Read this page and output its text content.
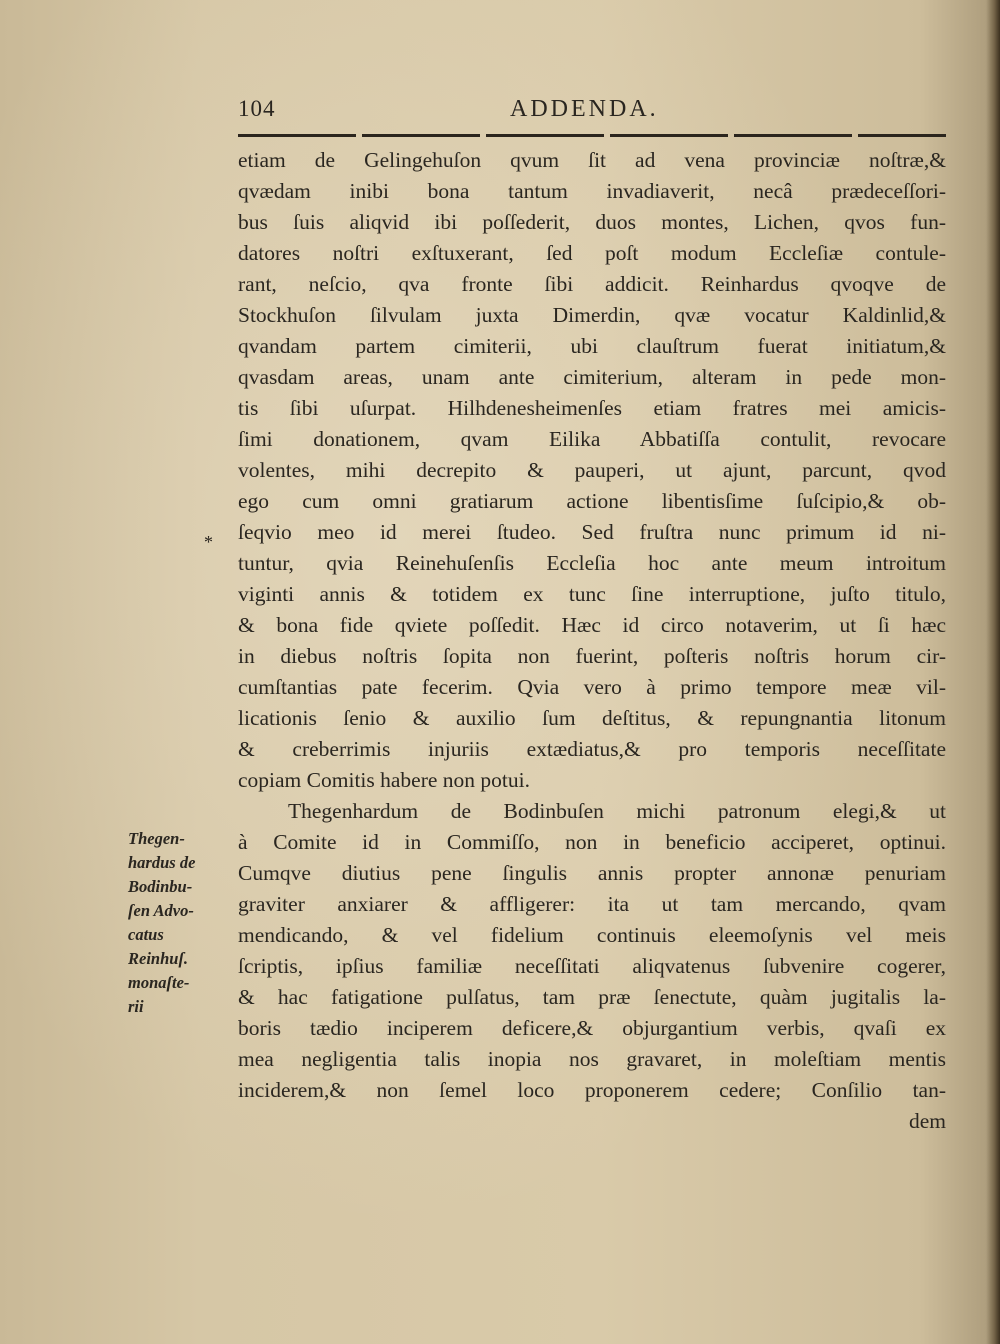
104	ADDENDA.
*
etiam de Gelingehuſon qvum ſit ad vena provinciæ noſtræ,&
qvædam inibi bona tantum invadiaverit, necâ prædeceſſori-
bus ſuis aliqvid ibi poſſederit, duos montes, Lichen, qvos fun-
datores noſtri exſtuxerant, ſed poſt modum Eccleſiæ contule-
rant, neſcio, qva fronte ſibi addicit. Reinhardus qvoqve de
Stockhuſon ſilvulam juxta Dimerdin, qvæ vocatur Kaldinlid,&
qvandam partem cimiterii, ubi clauſtrum fuerat initiatum,&
qvasdam areas, unam ante cimiterium, alteram in pede mon-
tis ſibi uſurpat. Hilhdenesheimenſes etiam fratres mei amicis-
ſimi donationem, qvam Eilika Abbatiſſa contulit, revocare
volentes, mihi decrepito & pauperi, ut ajunt, parcunt, qvod
ego cum omni gratiarum actione libentisſime ſuſcipio,& ob-
ſeqvio meo id merei ſtudeo. Sed fruſtra nunc primum id ni-
tuntur, qvia Reinehuſenſis Eccleſia hoc ante meum introitum
viginti annis & totidem ex tunc ſine interruptione, juſto titulo,
& bona fide qviete poſſedit. Hæc id circo notaverim, ut ſi hæc
in diebus noſtris ſopita non fuerint, poſteris noſtris horum cir-
cumſtantias pate fecerim. Qvia vero à primo tempore meæ vil-
licationis ſenio & auxilio ſum deſtitus, & repungnantia litonum
& creberrimis injuriis extædiatus,& pro temporis neceſſitate
copiam Comitis habere non potui.
Thegenhardum de Bodinbuſen michi patronum elegi,& ut
à Comite id in Commiſſo, non in beneficio acciperet, optinui.
Cumqve diutius pene ſingulis annis propter annonæ penuriam
graviter anxiarer & affligerer: ita ut tam mercando, qvam
mendicando, & vel fidelium continuis eleemoſynis vel meis
ſcriptis, ipſius familiæ neceſſitati aliqvatenus ſubvenire cogerer,
& hac fatigatione pulſatus, tam præ ſenectute, quàm jugitalis la-
boris tædio inciperem deficere,& objurgantium verbis, qvaſi ex
mea negligentia talis inopia nos gravaret, in moleſtiam mentis
inciderem,& non ſemel loco proponerem cedere; Conſilio tan-
dem
Thegen-
hardus de
Bodinbu-
ſen Advo-
catus
Reinhuſ.
monaſte-
rii
